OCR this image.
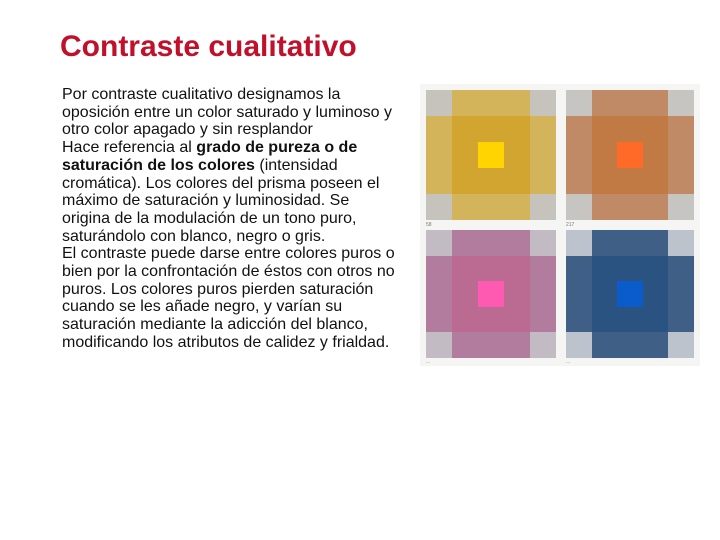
Contraste cualitativo

Por contraste cualitativo designamos la oposición entre un color saturado y luminoso y otro color apagado y sin resplandor

Hace referencia al grado de pureza o de saturación de los colores (intensidad cromática). Los colores del prisma poseen el máximo de saturación y luminosidad. Se origina de la modulación de un tono puro, saturándolo con blanco, negro o gris.

El contraste puede darse entre colores puros o bien por la confrontación de éstos con otros no puros. Los colores puros pierden saturación cuando se les añade negro, y varían su saturación mediante la adicción del blanco, modificando los atributos de calidez y frialdad.

58	217
...	...
